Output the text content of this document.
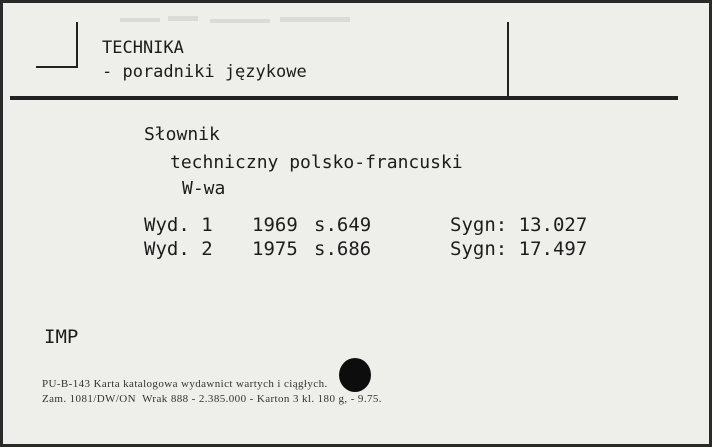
TECHNIKA
- poradniki językowe
Słownik
techniczny polsko-francuski
W-wa
Wyd. 1 1969 s.649	Sygn: 13.027
Wyd. 2 1975 s.686	Sygn: 17.497
IMP
PU-B-143 Karta katalogowa wydawnict wartych i ciągłych.
Zam. 1081/DW/ON  Wrak 888 - 2.385.000 - Karton 3 kl. 180 g, - 9.75.
